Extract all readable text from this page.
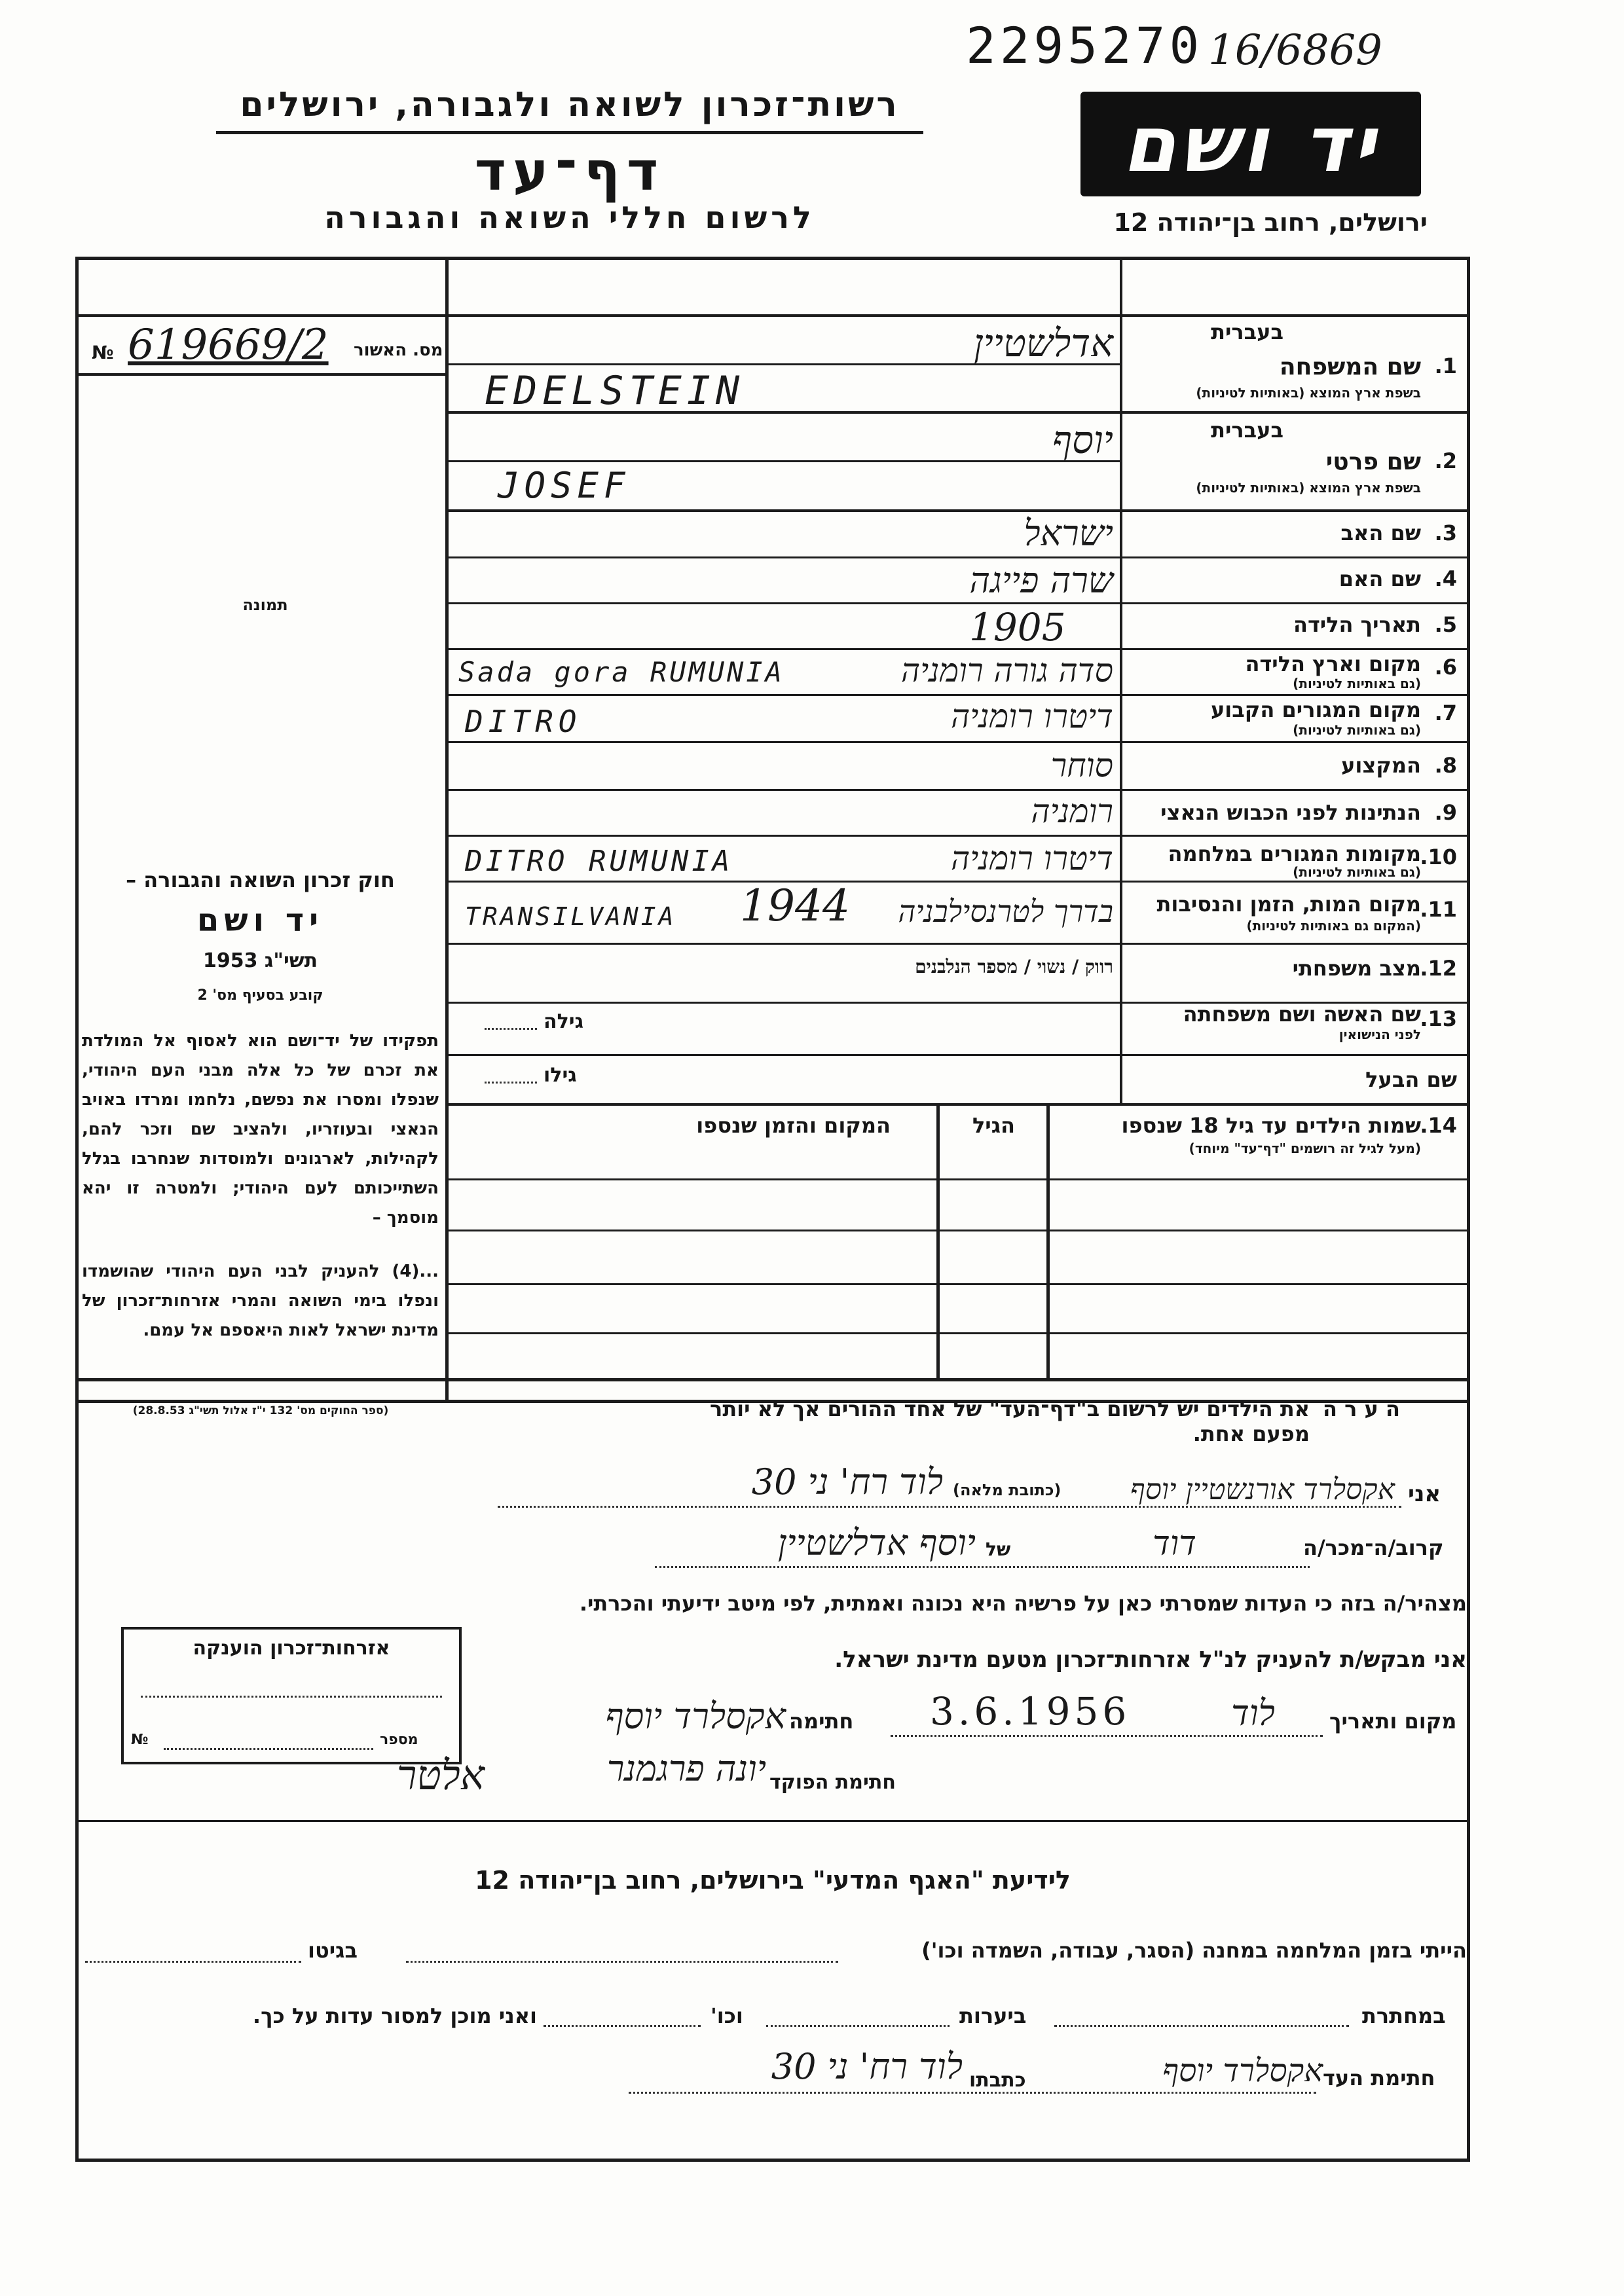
2295270 16/6869
רשות־זכרון לשואה ולגבורה, ירושלים
דף־עד
לרשום חללי השואה והגבורה
יד ושם
ירושלים, רחוב בן־יהודה 12
מס. האשור
619669/2
№
תמונה
בעברית
1.
שם המשפחה
בשפת ארץ המוצא (באותיות לטיניות)
בעברית
2.
שם פרטי
בשפת ארץ המוצא (באותיות לטיניות)
3.
שם האב
4.
שם האם
5.
תאריך הלידה
6.
מקום וארץ הלידה
(גם באותיות לטיניות)
7.
מקום המגורים הקבוע
(גם באותיות לטיניות)
8.
המקצוע
9.
הנתינות לפני הכבוש הנאצי
10.
מקומות המגורים במלחמה
(גם באותיות לטיניות)
11.
מקום המות, הזמן והנסיבות
(המקום גם באותיות לטיניות)
12.
מצב משפחתי
13.
שם האשה ושם משפחתה
לפני הנישואין
שם הבעל
אדלשטיין
EDELSTEIN
יוסף
JOSEF
ישראל
שרה פייגה
1905
סדה גורה רומניה
Sada gora RUMUNIA
דיטרו רומניה
DITRO
סוחר
רומניה
דיטרו רומניה
DITRO RUMUNIA
בדרך לטרנסילבניה
1944
TRANSILVANIA
רווק / נשוי / מספר הנלבנים
גילה
גילו
14.
שמות הילדים עד גיל 18 שנספו
(מעל לגיל זה רושמים "דף־עד" מיוחד)
הגיל
המקום והזמן שנספו
חוק זכרון השואה והגבורה –
יד ושם
תשי"ג 1953
קובע בסעיף מס' 2
תפקידו של יד־ושם הוא לאסוף אל המולדת את זכרם של כל אלה מבני העם היהודי, שנפלו ומסרו את נפשם, נלחמו ומרדו באויב הנאצי ובעוזריו, ולהציב שם וזכר להם, לקהילות, לארגונים ולמוסדות שנחרבו בגלל השתייכותם לעם היהודי; ולמטרה זו יהא מוסמך –
...(4) להעניק לבני העם היהודי שהושמדו ונפלו בימי השואה והמרי אזרחות־זכרון של מדינת ישראל לאות היאספם אל עמם.
(ספר החוקים מס' 132 י"ז אלול תשי"ג 28.8.53)	ה ע ר ה
את הילדים יש לרשום ב"דף־העד" של אחד ההורים אך לא יותר מפעם אחת.
אני
אקסלרד אורנשטיין יוסף
(כתובת מלאה)
לוד רח' ני 30
קרוב/ה־מכר/ה
דוד
של
יוסף אדלשטיין
מצהיר/ה בזה כי העדות שמסרתי כאן על פרשיה היא נכונה ואמתית, לפי מיטב ידיעתי והכרתי.
אני מבקש/ת להעניק לנ"ל אזרחות־זכרון מטעם מדינת ישראל.
מקום ותאריך
לוד
3.6.1956
חתימה
אקסלרד יוסף
חתימת הפוקד
יונה פרגמנר
אלטר
אזרחות־זכרון הוענקה
מספר
№
לידיעת "האגף המדעי" בירושלים, רחוב בן־יהודה 12
הייתי בזמן המלחמה במחנה (הסגר, עבודה, השמדה וכו')
בגיטו
במחתרת
ביערות
וכו'
ואני מוכן למסור עדות על כך.
חתימת העד
אקסלרד יוסף
כתבתו
לוד רח' ני 30
